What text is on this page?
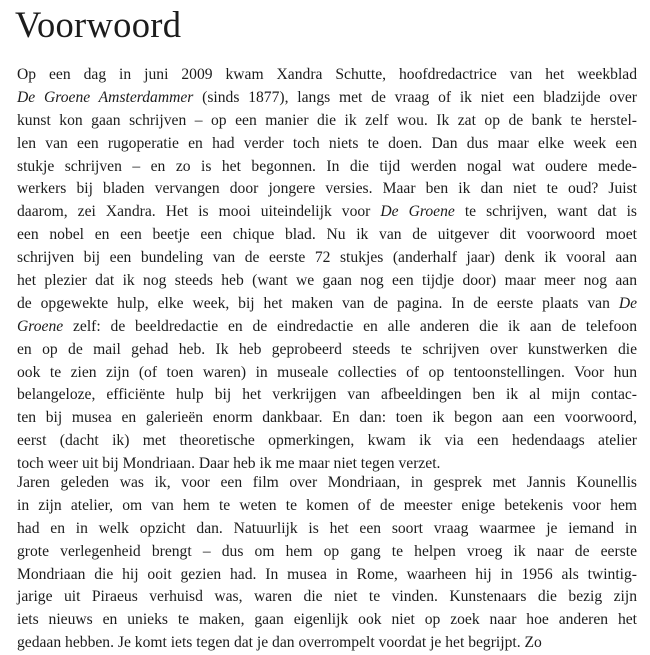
Voorwoord
Op een dag in juni 2009 kwam Xandra Schutte, hoofdredactrice van het weekblad
De Groene Amsterdammer (sinds 1877), langs met de vraag of ik niet een bladzijde over
kunst kon gaan schrijven – op een manier die ik zelf wou. Ik zat op de bank te herstel-
len van een rugoperatie en had verder toch niets te doen. Dan dus maar elke week een
stukje schrijven – en zo is het begonnen. In die tijd werden nogal wat oudere mede-
werkers bij bladen vervangen door jongere versies. Maar ben ik dan niet te oud? Juist
daarom, zei Xandra. Het is mooi uiteindelijk voor De Groene te schrijven, want dat is
een nobel en een beetje een chique blad. Nu ik van de uitgever dit voorwoord moet
schrijven bij een bundeling van de eerste 72 stukjes (anderhalf jaar) denk ik vooral aan
het plezier dat ik nog steeds heb (want we gaan nog een tijdje door) maar meer nog aan
de opgewekte hulp, elke week, bij het maken van de pagina. In de eerste plaats van De
Groene zelf: de beeldredactie en de eindredactie en alle anderen die ik aan de telefoon
en op de mail gehad heb. Ik heb geprobeerd steeds te schrijven over kunstwerken die
ook te zien zijn (of toen waren) in museale collecties of op tentoonstellingen. Voor hun
belangeloze, efficiënte hulp bij het verkrijgen van afbeeldingen ben ik al mijn contac-
ten bij musea en galerieën enorm dankbaar. En dan: toen ik begon aan een voorwoord,
eerst (dacht ik) met theoretische opmerkingen, kwam ik via een hedendaags atelier
toch weer uit bij Mondriaan. Daar heb ik me maar niet tegen verzet.
Jaren geleden was ik, voor een film over Mondriaan, in gesprek met Jannis Kounellis
in zijn atelier, om van hem te weten te komen of de meester enige betekenis voor hem
had en in welk opzicht dan. Natuurlijk is het een soort vraag waarmee je iemand in
grote verlegenheid brengt – dus om hem op gang te helpen vroeg ik naar de eerste
Mondriaan die hij ooit gezien had. In musea in Rome, waarheen hij in 1956 als twintig-
jarige uit Piraeus verhuisd was, waren die niet te vinden. Kunstenaars die bezig zijn
iets nieuws en unieks te maken, gaan eigenlijk ook niet op zoek naar hoe anderen het
gedaan hebben. Je komt iets tegen dat je dan overrompelt voordat je het begrijpt. Zo
